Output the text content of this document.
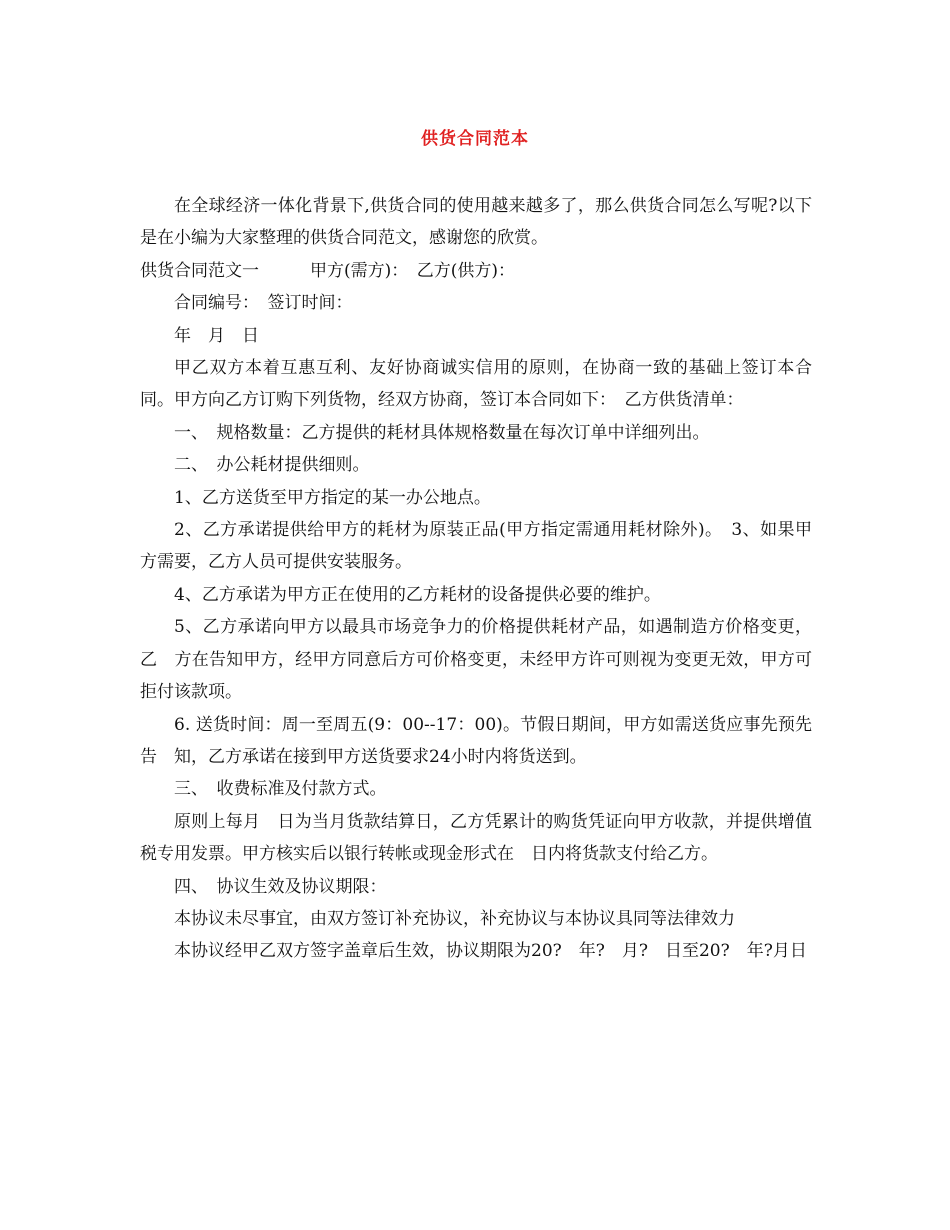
供货合同范本

在全球经济一体化背景下,供货合同的使用越来越多了，那么供货合同怎么写呢?以下是在小编为大家整理的供货合同范文，感谢您的欣赏。

供货合同范文一　　　甲方(需方)：　乙方(供方)：

合同编号：　签订时间：

年　月　日

甲乙双方本着互惠互利、友好协商诚实信用的原则，在协商一致的基础上签订本合同。甲方向乙方订购下列货物，经双方协商，签订本合同如下：　乙方供货清单：

一、　规格数量：乙方提供的耗材具体规格数量在每次订单中详细列出。

二、　办公耗材提供细则。

1、乙方送货至甲方指定的某一办公地点。

2、乙方承诺提供给甲方的耗材为原装正品(甲方指定需通用耗材除外)。　3、如果甲方需要，乙方人员可提供安装服务。

4、乙方承诺为甲方正在使用的乙方耗材的设备提供必要的维护。

5、乙方承诺向甲方以最具市场竞争力的价格提供耗材产品，如遇制造方价格变更，乙　方在告知甲方，经甲方同意后方可价格变更，未经甲方许可则视为变更无效，甲方可　拒付该款项。

6. 送货时间：周一至周五(9：00--17：00)。节假日期间，甲方如需送货应事先预先告　知，乙方承诺在接到甲方送货要求24小时内将货送到。

三、　收费标准及付款方式。

原则上每月　日为当月货款结算日，乙方凭累计的购货凭证向甲方收款，并提供增值税专用发票。甲方核实后以银行转帐或现金形式在　日内将货款支付给乙方。

四、　协议生效及协议期限：

本协议未尽事宜，由双方签订补充协议，补充协议与本协议具同等法律效力

本协议经甲乙双方签字盖章后生效，协议期限为20?　年?　月?　日至20?　年?月日
